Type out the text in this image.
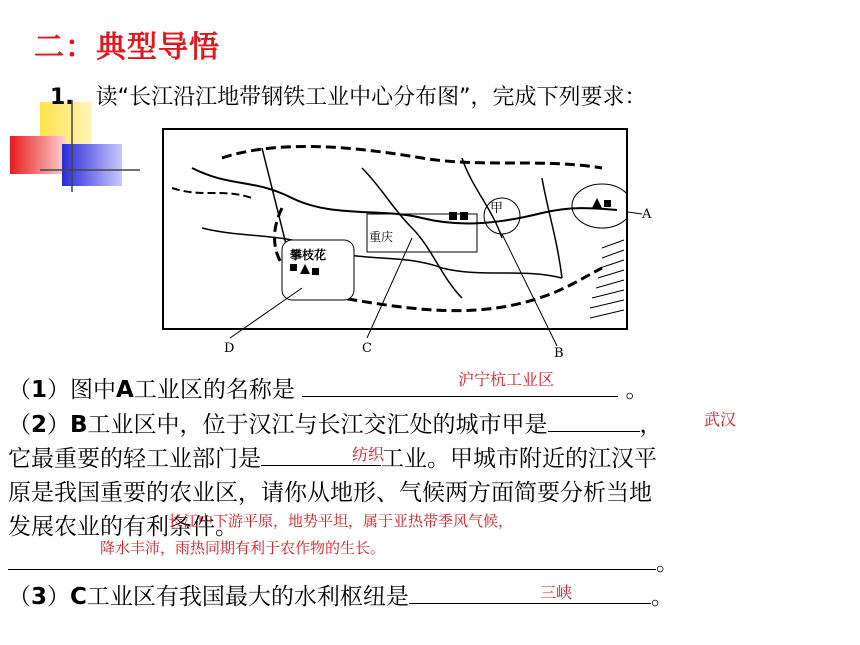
二：典型导悟
1. 读“长江沿江地带钢铁工业中心分布图”，完成下列要求：
甲
重庆
攀枝花
D	C	B
A
（1）图中A工业区的名称是	。
沪宁杭工业区
（2）B工业区中，位于汉江与长江交汇处的城市甲是	，	武汉
它最重要的轻工业部门是	工业。甲城市附近的江汉平
纺织
原是我国重要的农业区，请你从地形、气候两方面简要分析当地
发展农业的有利条件。
长江中下游平原，地势平坦，属于亚热带季风气候，
降水丰沛，雨热同期有利于农作物的生长。
。
（3）C工业区有我国最大的水利枢纽是	。
三峡
